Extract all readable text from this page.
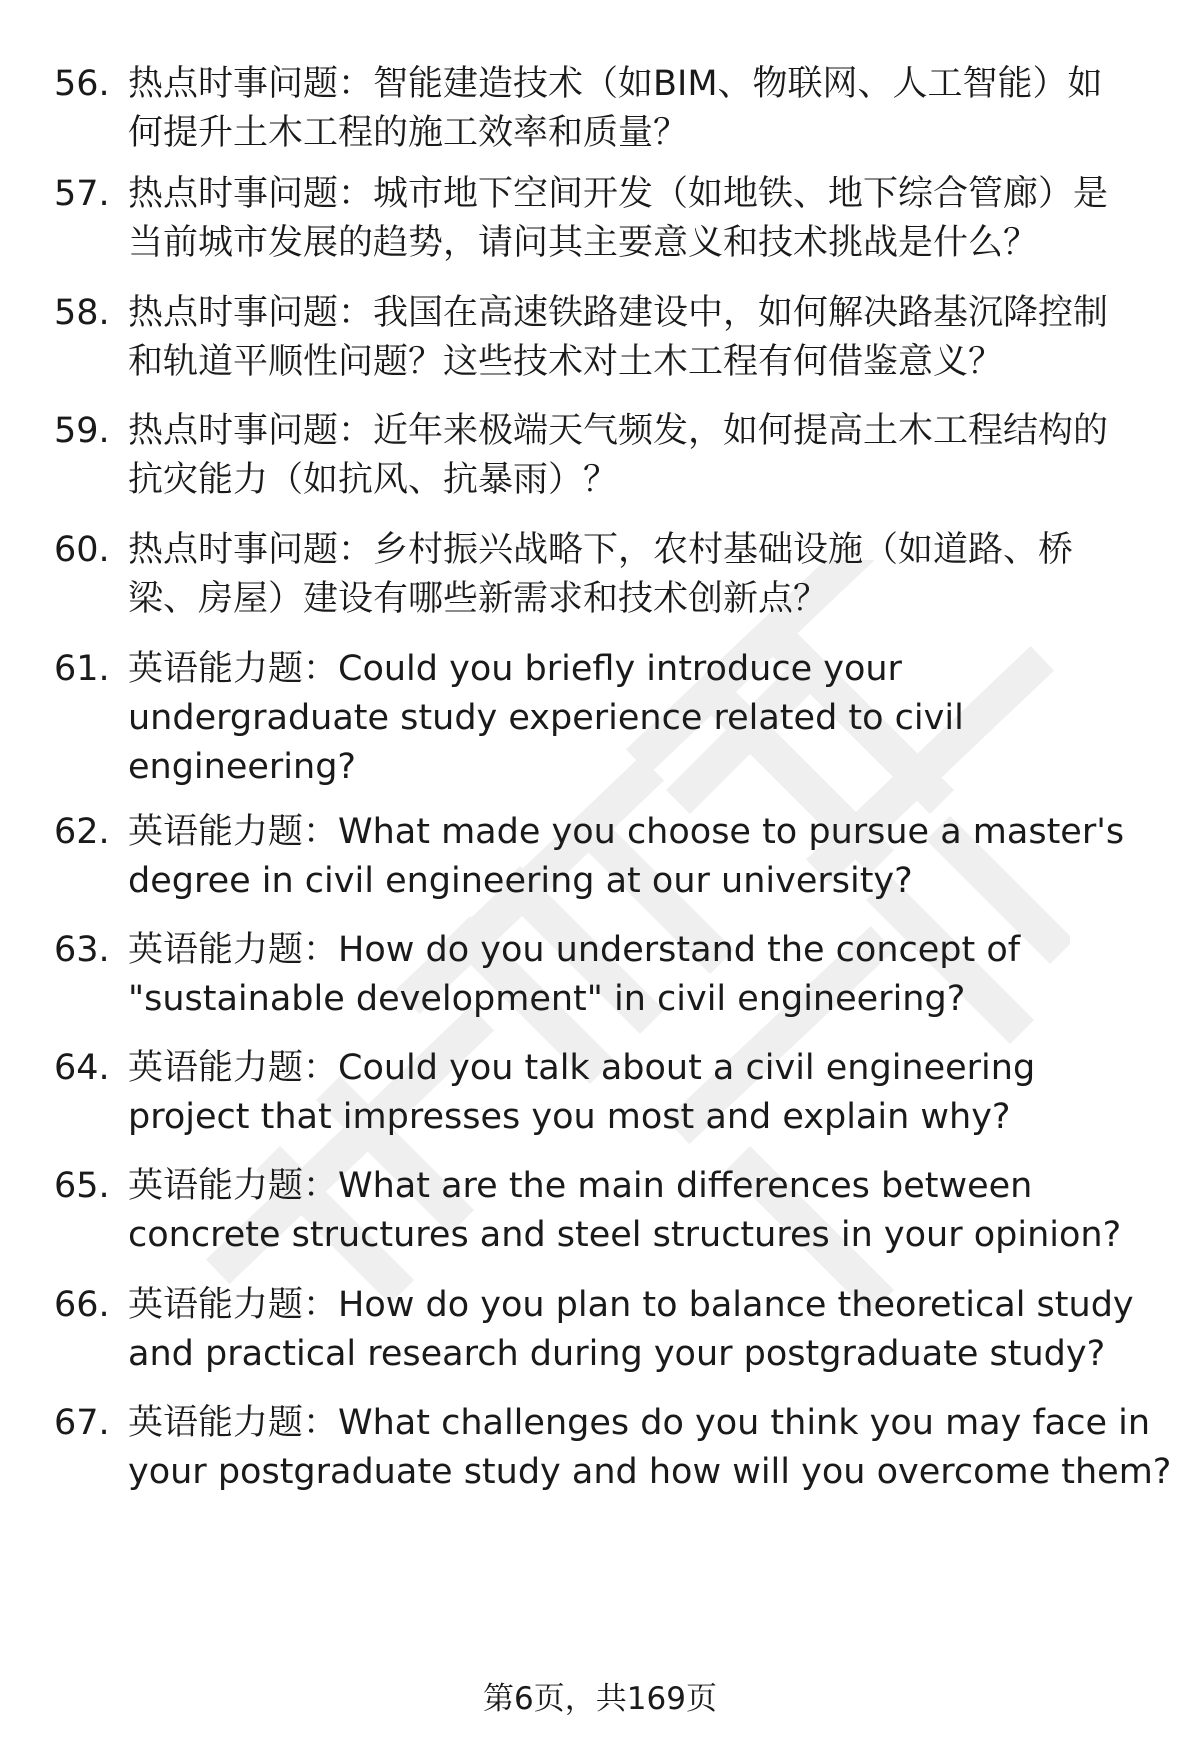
56. 热点时事问题：智能建造技术（如BIM、物联网、人工智能）如
何提升土木工程的施工效率和质量？
57. 热点时事问题：城市地下空间开发（如地铁、地下综合管廊）是
当前城市发展的趋势，请问其主要意义和技术挑战是什么？
58. 热点时事问题：我国在高速铁路建设中，如何解决路基沉降控制
和轨道平顺性问题？这些技术对土木工程有何借鉴意义？
59. 热点时事问题：近年来极端天气频发，如何提高土木工程结构的
抗灾能力（如抗风、抗暴雨）？
60. 热点时事问题：乡村振兴战略下，农村基础设施（如道路、桥
梁、房屋）建设有哪些新需求和技术创新点？
61. 英语能力题：Could you briefly introduce your
undergraduate study experience related to civil
engineering?
62. 英语能力题：What made you choose to pursue a master's
degree in civil engineering at our university?
63. 英语能力题：How do you understand the concept of
"sustainable development" in civil engineering?
64. 英语能力题：Could you talk about a civil engineering
project that impresses you most and explain why?
65. 英语能力题：What are the main differences between
concrete structures and steel structures in your opinion?
66. 英语能力题：How do you plan to balance theoretical study
and practical research during your postgraduate study?
67. 英语能力题：What challenges do you think you may face in
your postgraduate study and how will you overcome them?
第6页，共169页
